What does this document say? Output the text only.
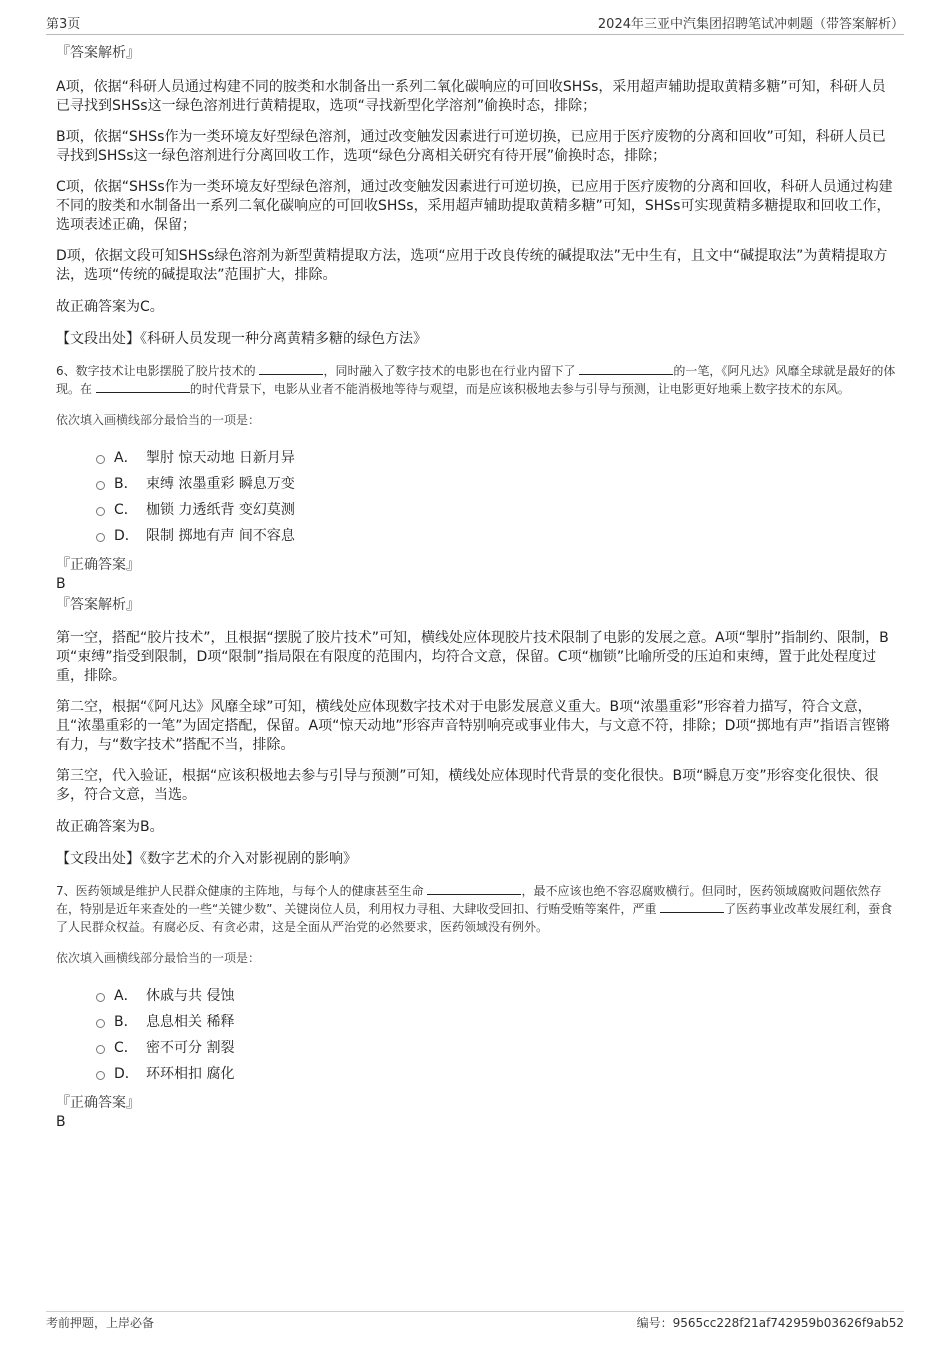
第3页	2024年三亚中汽集团招聘笔试冲刺题（带答案解析）
『答案解析』

A项，依据“科研人员通过构建不同的胺类和水制备出一系列二氧化碳响应的可回收SHSs，采用超声辅助提取黄精多糖”可知，科研人员已寻找到SHSs这一绿色溶剂进行黄精提取，选项“寻找新型化学溶剂”偷换时态，排除；

B项，依据“SHSs作为一类环境友好型绿色溶剂，通过改变触发因素进行可逆切换，已应用于医疗废物的分离和回收”可知，科研人员已寻找到SHSs这一绿色溶剂进行分离回收工作，选项“绿色分离相关研究有待开展”偷换时态，排除；

C项，依据“SHSs作为一类环境友好型绿色溶剂，通过改变触发因素进行可逆切换，已应用于医疗废物的分离和回收，科研人员通过构建不同的胺类和水制备出一系列二氧化碳响应的可回收SHSs，采用超声辅助提取黄精多糖”可知，SHSs可实现黄精多糖提取和回收工作，选项表述正确，保留；

D项，依据文段可知SHSs绿色溶剂为新型黄精提取方法，选项“应用于改良传统的碱提取法”无中生有，且文中“碱提取法”为黄精提取方法，选项“传统的碱提取法”范围扩大，排除。

故正确答案为C。

【文段出处】《科研人员发现一种分离黄精多糖的绿色方法》

6、数字技术让电影摆脱了胶片技术的	，同时融入了数字技术的电影也在行业内留下了	的一笔，《阿凡达》风靡全球就是最好的体现。在	的时代背景下，电影从业者不能消极地等待与观望，而是应该积极地去参与引导与预测，让电影更好地乘上数字技术的东风。

依次填入画横线部分最恰当的一项是：
A． 掣肘 惊天动地 日新月异
B． 束缚 浓墨重彩 瞬息万变
C． 枷锁 力透纸背 变幻莫测
D． 限制 掷地有声 间不容息
『正确答案』
B
『答案解析』

第一空，搭配“胶片技术”，且根据“摆脱了胶片技术”可知，横线处应体现胶片技术限制了电影的发展之意。A项“掣肘”指制约、限制，B项“束缚”指受到限制，D项“限制”指局限在有限度的范围内，均符合文意，保留。C项“枷锁”比喻所受的压迫和束缚，置于此处程度过重，排除。

第二空，根据“《阿凡达》风靡全球”可知，横线处应体现数字技术对于电影发展意义重大。B项“浓墨重彩”形容着力描写，符合文意，且“浓墨重彩的一笔”为固定搭配，保留。A项“惊天动地”形容声音特别响亮或事业伟大，与文意不符，排除；D项“掷地有声”指语言铿锵有力，与“数字技术”搭配不当，排除。

第三空，代入验证，根据“应该积极地去参与引导与预测”可知，横线处应体现时代背景的变化很快。B项“瞬息万变”形容变化很快、很多，符合文意，当选。

故正确答案为B。

【文段出处】《数字艺术的介入对影视剧的影响》

7、医药领域是维护人民群众健康的主阵地，与每个人的健康甚至生命	，最不应该也绝不容忍腐败横行。但同时，医药领域腐败问题依然存在，特别是近年来查处的一些“关键少数”、关键岗位人员，利用权力寻租、大肆收受回扣、行贿受贿等案件，严重	了医药事业改革发展红利，蚕食了人民群众权益。有腐必反、有贪必肃，这是全面从严治党的必然要求，医药领域没有例外。

依次填入画横线部分最恰当的一项是：
A． 休戚与共 侵蚀
B． 息息相关 稀释
C． 密不可分 割裂
D． 环环相扣 腐化
『正确答案』
B
考前押题，上岸必备	编号：9565cc228f21af742959b03626f9ab52
